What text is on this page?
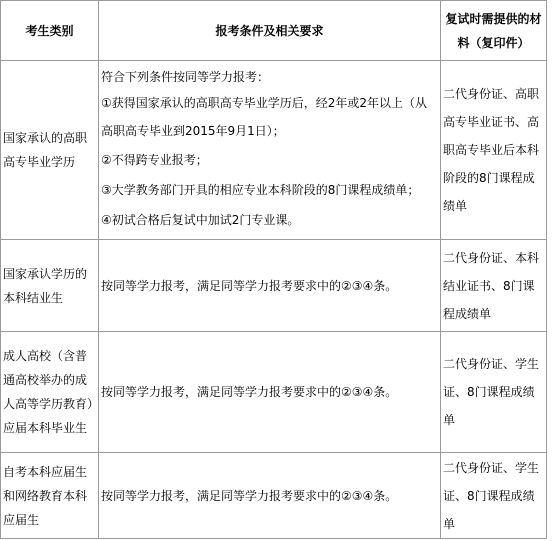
考生类别	报考条件及相关要求	复试时需提供的材料（复印件）
国家承认的高职高专毕业学历	符合下列条件按同等学力报考：
①获得国家承认的高职高专毕业学历后，经2年或2年以上（从高职高专毕业到2015年9月1日）；
②不得跨专业报考；
③大学教务部门开具的相应专业本科阶段的8门课程成绩单；
④初试合格后复试中加试2门专业课。	二代身份证、高职高专毕业证书、高职高专毕业后本科阶段的8门课程成绩单
国家承认学历的本科结业生	按同等学力报考，满足同等学力报考要求中的②③④条。	二代身份证、本科结业证书、8门课程成绩单
成人高校（含普通高校举办的成人高等学历教育）应届本科毕业生	按同等学力报考，满足同等学力报考要求中的②③④条。	二代身份证、学生证、8门课程成绩单
自考本科应届生和网络教育本科应届生	按同等学力报考，满足同等学力报考要求中的②③④条。	二代身份证、学生证、8门课程成绩单
